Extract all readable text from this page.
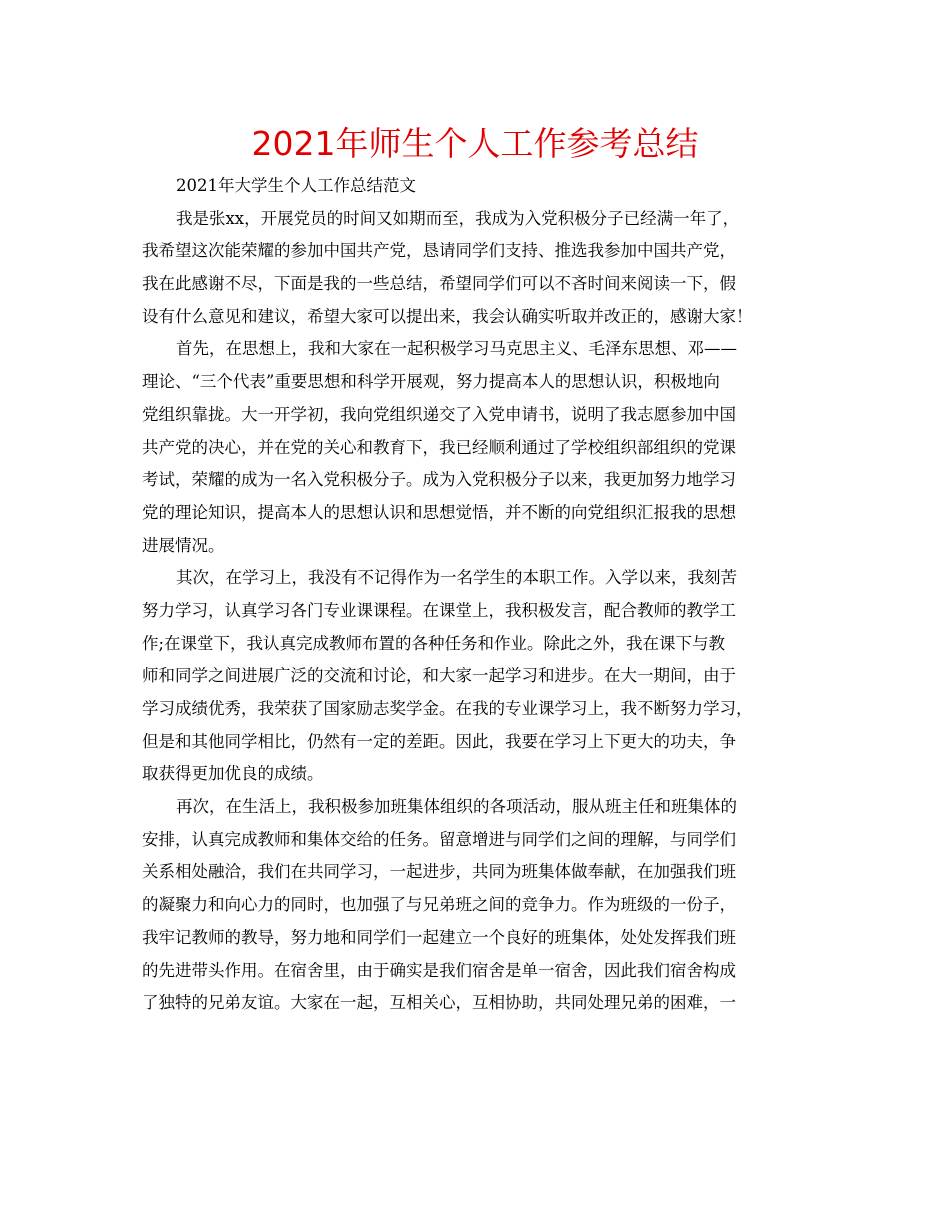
2021年师生个人工作参考总结
2021年大学生个人工作总结范文
我是张xx，开展党员的时间又如期而至，我成为入党积极分子已经满一年了，
我希望这次能荣耀的参加中国共产党，恳请同学们支持、推选我参加中国共产党，
我在此感谢不尽，下面是我的一些总结，希望同学们可以不吝时间来阅读一下，假
设有什么意见和建议，希望大家可以提出来，我会认确实听取并改正的，感谢大家！
首先，在思想上，我和大家在一起积极学习马克思主义、毛泽东思想、邓——
理论、“三个代表”重要思想和科学开展观，努力提高本人的思想认识，积极地向
党组织靠拢。大一开学初，我向党组织递交了入党申请书，说明了我志愿参加中国
共产党的决心，并在党的关心和教育下，我已经顺利通过了学校组织部组织的党课
考试，荣耀的成为一名入党积极分子。成为入党积极分子以来，我更加努力地学习
党的理论知识，提高本人的思想认识和思想觉悟，并不断的向党组织汇报我的思想
进展情况。
其次，在学习上，我没有不记得作为一名学生的本职工作。入学以来，我刻苦
努力学习，认真学习各门专业课课程。在课堂上，我积极发言，配合教师的教学工
作;在课堂下，我认真完成教师布置的各种任务和作业。除此之外，我在课下与教
师和同学之间进展广泛的交流和讨论，和大家一起学习和进步。在大一期间，由于
学习成绩优秀，我荣获了国家励志奖学金。在我的专业课学习上，我不断努力学习，
但是和其他同学相比，仍然有一定的差距。因此，我要在学习上下更大的功夫，争
取获得更加优良的成绩。
再次，在生活上，我积极参加班集体组织的各项活动，服从班主任和班集体的
安排，认真完成教师和集体交给的任务。留意增进与同学们之间的理解，与同学们
关系相处融洽，我们在共同学习，一起进步，共同为班集体做奉献，在加强我们班
的凝聚力和向心力的同时，也加强了与兄弟班之间的竞争力。作为班级的一份子，
我牢记教师的教导，努力地和同学们一起建立一个良好的班集体，处处发挥我们班
的先进带头作用。在宿舍里，由于确实是我们宿舍是单一宿舍，因此我们宿舍构成
了独特的兄弟友谊。大家在一起，互相关心，互相协助，共同处理兄弟的困难，一
